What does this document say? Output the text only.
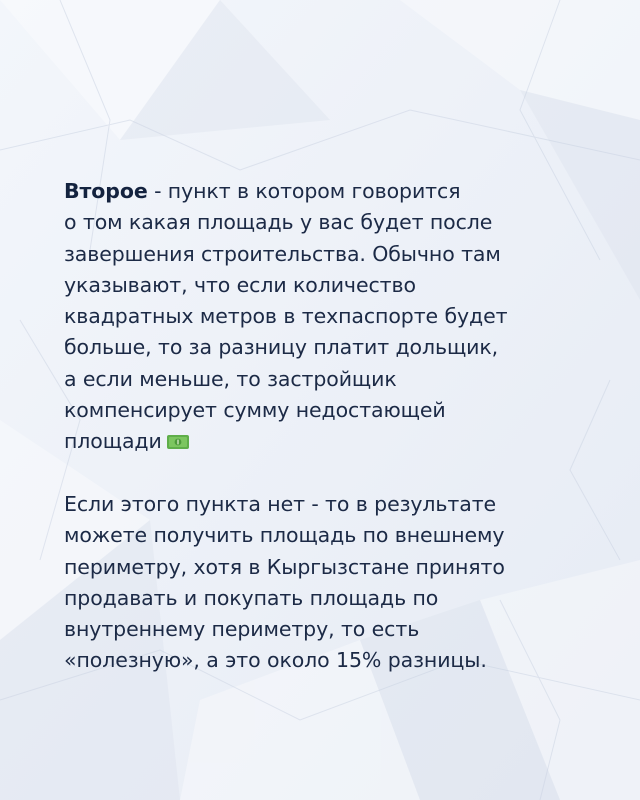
Второе - пункт в котором говорится
о том какая площадь у вас будет после
завершения строительства. Обычно там
указывают, что если количество
квадратных метров в техпаспорте будет
больше, то за разницу платит дольщик,
а если меньше, то застройщик
компенсирует сумму недостающей
площади

Если этого пункта нет - то в результате
можете получить площадь по внешнему
периметру, хотя в Кыргызстане принято
продавать и покупать площадь по
внутреннему периметру, то есть
«полезную», а это около 15% разницы.
